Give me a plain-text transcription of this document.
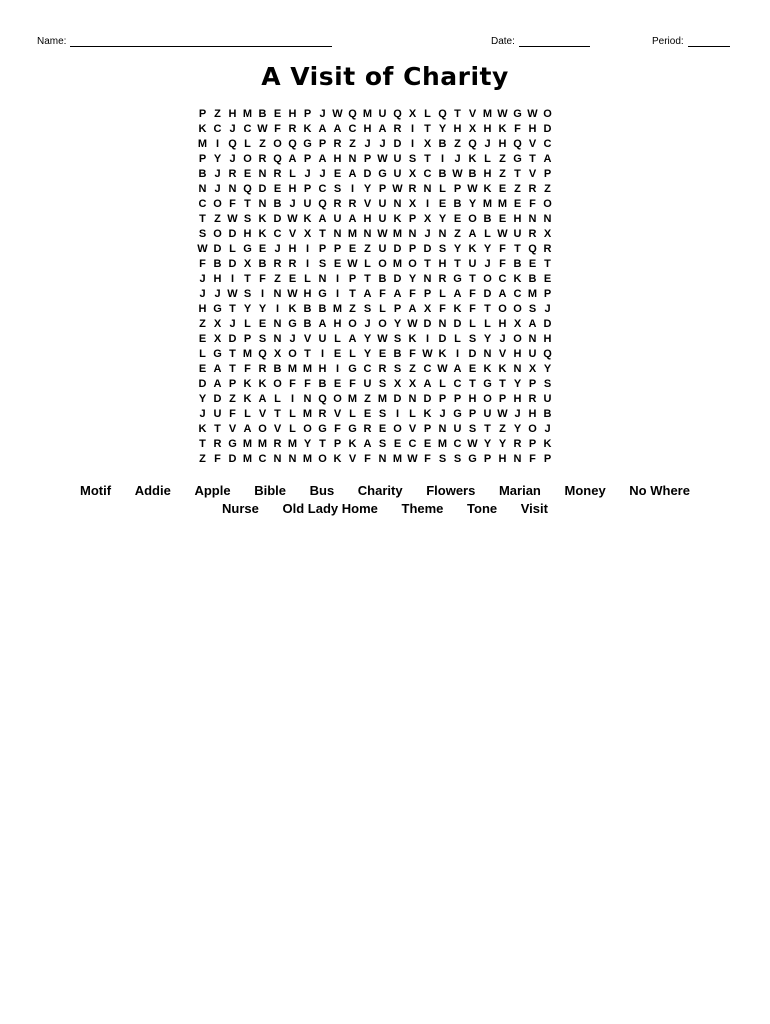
Name:	Date:	Period:
A Visit of Charity
P Z H M B E H P J W Q M U Q X L Q T V M W G W O
K C J C W F R K A A C H A R I T Y H X H K F H D
M I Q L Z O Q G P R Z J J D I X B Z Q J H Q V C
P Y J O R Q A P A H N P W U S T I J K L Z G T A
B J R E N R L J J E A D G U X C B W B H Z T V P
N J N Q D E H P C S I Y P W R N L P W K E Z R Z
C O F T N B J U Q R R V U N X I E B Y M M E F O
T Z W S K D W K A U A H U K P X Y E O B E H N N
S O D H K C V X T N M N W M N J N Z A L W U R X
W D L G E J H I P P E Z U D P D S Y K Y F T Q R
F B D X B R R I S E W L O M O T H T U J F B E T
J H I T F Z E L N I P T B D Y N R G T O C K B E
J J W S I N W H G I T A F A F P L A F D A C M P
H G T Y Y I K B B M Z S L P A X F K F T O O S J
Z X J L E N G B A H O J O Y W D N D L L H X A D
E X D P S N J V U L A Y W S K I D L S Y J O N H
L G T M Q X O T I E L Y E B F W K I D N V H U Q
E A T F R B M M H I G C R S Z C W A E K K N X Y
D A P K K O F F B E F U S X X A L C T G T Y P S
Y D Z K A L I N Q O M Z M D N D P P H O P H R U
J U F L V T L M R V L E S I L K J G P U W J H B
K T V A O V L O G F G R E O V P N U S T Z Y O J
T R G M M R M Y T P K A S E C E M C W Y Y R P K
Z F D M C N N M O K V F N M W F S S G P H N F P
Motif Addie Apple Bible Bus Charity Flowers Marian Money No Where Nurse Old Lady Home Theme Tone Visit
